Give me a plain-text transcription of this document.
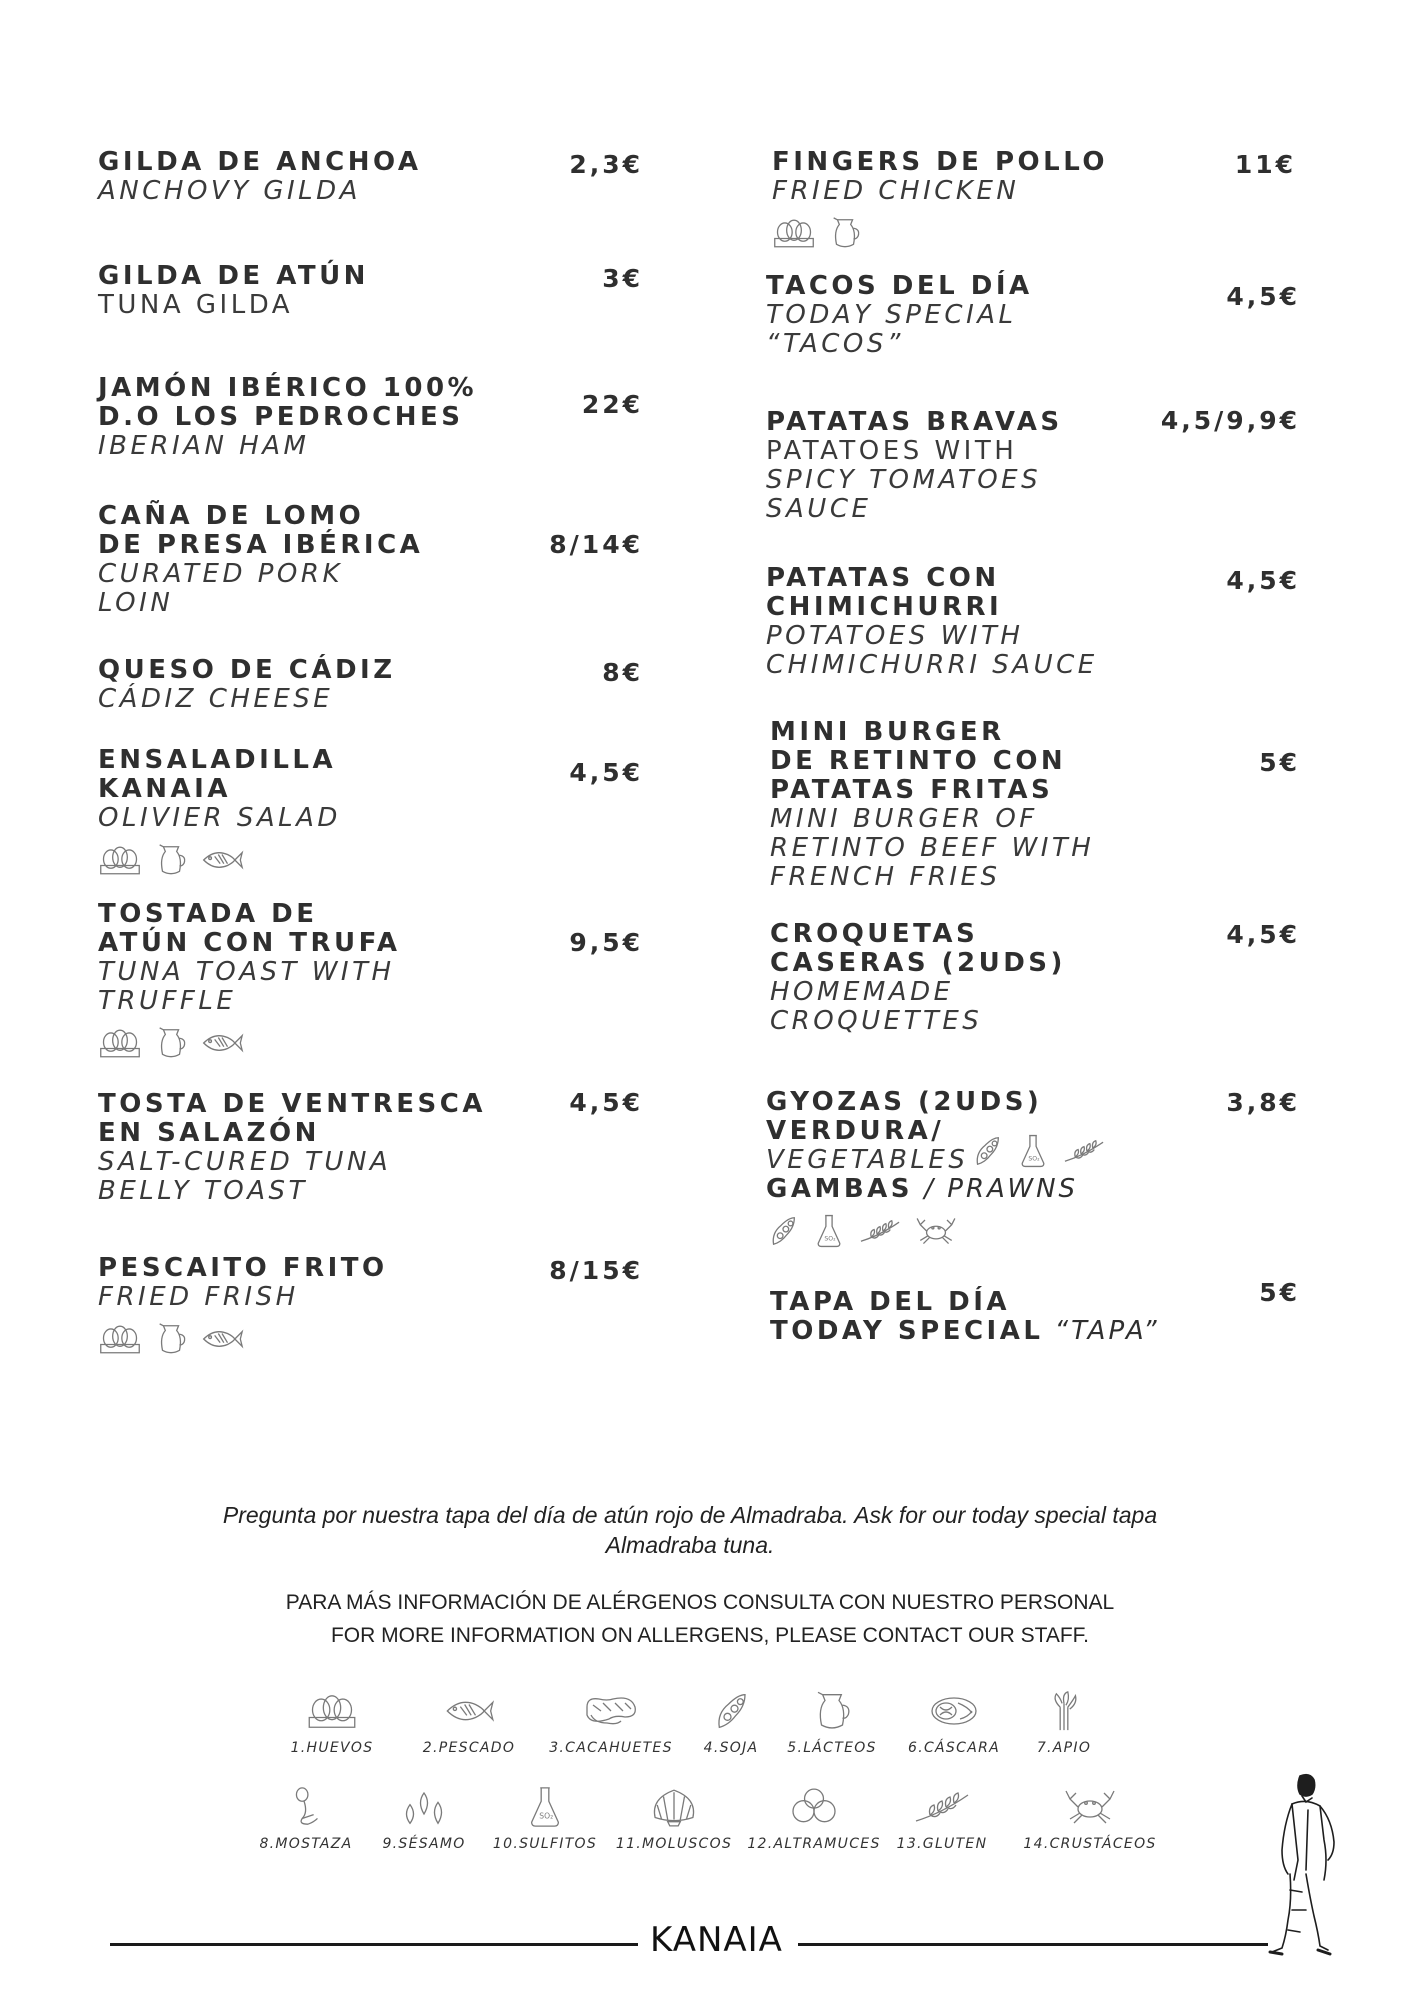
GILDA DE ANCHOA
ANCHOVY GILDA
2,3€
GILDA DE ATÚN
TUNA GILDA
3€
JAMÓN IBÉRICO 100%
D.O LOS PEDROCHES
IBERIAN HAM
22€
CAÑA DE LOMO
DE PRESA IBÉRICA
CURATED PORK
LOIN
8/14€
QUESO DE CÁDIZ
CÁDIZ CHEESE
8€
ENSALADILLA
KANAIA
OLIVIER SALAD
4,5€
TOSTADA DE
ATÚN CON TRUFA
TUNA TOAST WITH
TRUFFLE
9,5€
TOSTA DE VENTRESCA
EN SALAZÓN
SALT-CURED TUNA
BELLY TOAST
4,5€
PESCAITO FRITO
FRIED FRISH
8/15€
FINGERS DE POLLO
FRIED CHICKEN
11€
TACOS DEL DÍA
TODAY SPECIAL
“TACOS”
4,5€
PATATAS BRAVAS
PATATOES WITH
SPICY TOMATOES
SAUCE
4,5/9,9€
PATATAS CON
CHIMICHURRI
POTATOES WITH
CHIMICHURRI SAUCE
4,5€
MINI BURGER
DE RETINTO CON
PATATAS FRITAS
MINI BURGER OF
RETINTO BEEF WITH
FRENCH FRIES
5€
CROQUETAS
CASERAS (2UDS)
HOMEMADE
CROQUETTES
4,5€
GYOZAS (2UDS)
VERDURA/
VEGETABLES
GAMBAS / PRAWNS
3,8€
TAPA DEL DÍA
TODAY SPECIAL “TAPA”
5€
Pregunta por nuestra tapa del día de atún rojo de Almadraba. Ask for our today special tapa
Almadraba tuna.
PARA MÁS INFORMACIÓN DE ALÉRGENOS CONSULTA CON NUESTRO PERSONAL
FOR MORE INFORMATION ON ALLERGENS, PLEASE CONTACT OUR STAFF.
1.HUEVOS	2.PESCADO	3.CACAHUETES	4.SOJA	5.LÁCTEOS	6.CÁSCARA	7.APIO
8.MOSTAZA	9.SÉSAMO	10.SULFITOS	11.MOLUSCOS 12.ALTRAMUCES 13.GLUTEN	14.CRUSTÁCEOS
KANAIA
